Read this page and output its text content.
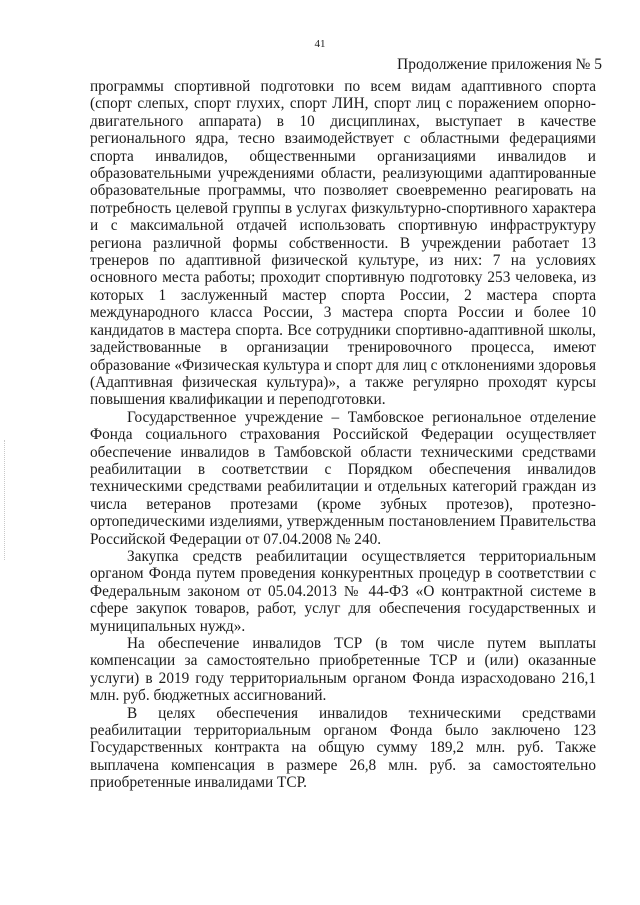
41
Продолжение приложения № 5

программы спортивной подготовки по всем видам адаптивного спорта (спорт слепых, спорт глухих, спорт ЛИН, спорт лиц с поражением опорно-двигательного аппарата) в 10 дисциплинах, выступает в качестве регионального ядра, тесно взаимодействует с областными федерациями спорта инвалидов, общественными организациями инвалидов и образовательными учреждениями области, реализующими адаптированные образовательные программы, что позволяет своевременно реагировать на потребность целевой группы в услугах физкультурно-спортивного характера и с максимальной отдачей использовать спортивную инфраструктуру региона различной формы собственности. В учреждении работает 13 тренеров по адаптивной физической культуре, из них: 7 на условиях основного места работы; проходит спортивную подготовку 253 человека, из которых 1 заслуженный мастер спорта России, 2 мастера спорта международного класса России, 3 мастера спорта России и более 10 кандидатов в мастера спорта. Все сотрудники спортивно-адаптивной школы, задействованные в организации тренировочного процесса, имеют образование «Физическая культура и спорт для лиц с отклонениями здоровья (Адаптивная физическая культура)», а также регулярно проходят курсы повышения квалификации и переподготовки.

Государственное учреждение – Тамбовское региональное отделение Фонда социального страхования Российской Федерации осуществляет обеспечение инвалидов в Тамбовской области техническими средствами реабилитации в соответствии с Порядком обеспечения инвалидов техническими средствами реабилитации и отдельных категорий граждан из числа ветеранов протезами (кроме зубных протезов), протезно-ортопедическими изделиями, утвержденным постановлением Правительства Российской Федерации от 07.04.2008 № 240.

Закупка средств реабилитации осуществляется территориальным органом Фонда путем проведения конкурентных процедур в соответствии с Федеральным законом от 05.04.2013 № 44-ФЗ «О контрактной системе в сфере закупок товаров, работ, услуг для обеспечения государственных и муниципальных нужд».

На обеспечение инвалидов ТСР (в том числе путем выплаты компенсации за самостоятельно приобретенные ТСР и (или) оказанные услуги) в 2019 году территориальным органом Фонда израсходовано 216,1 млн. руб. бюджетных ассигнований.

В целях обеспечения инвалидов техническими средствами реабилитации территориальным органом Фонда было заключено 123 Государственных контракта на общую сумму 189,2 млн. руб. Также выплачена компенсация в размере 26,8 млн. руб. за самостоятельно приобретенные инвалидами ТСР.
